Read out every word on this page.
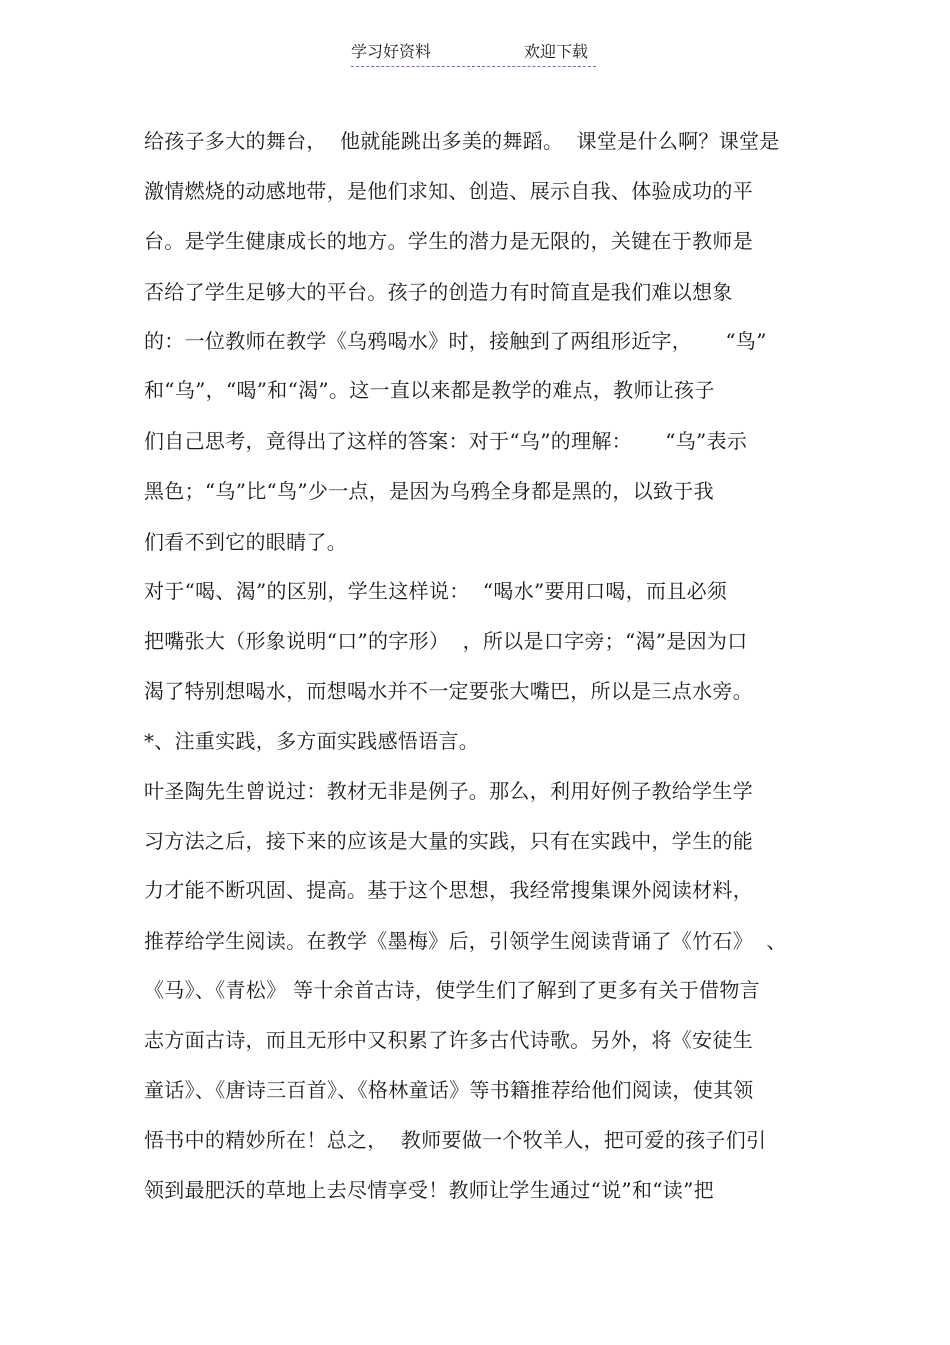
学习好资料	欢迎下载
给孩子多大的舞台，  他就能跳出多美的舞蹈。  课堂是什么啊？课堂是
激情燃烧的动感地带，是他们求知、创造、展示自我、体验成功的平
台。是学生健康成长的地方。学生的潜力是无限的，关键在于教师是
否给了学生足够大的平台。孩子的创造力有时简直是我们难以想象
的：一位教师在教学《乌鸦喝水》时，接触到了两组形近字，     “鸟”
和“乌”，“喝”和“渴”。这一直以来都是教学的难点，教师让孩子
们自己思考，竟得出了这样的答案：对于“乌”的理解：     “乌”表示
黑色；“乌”比“鸟”少一点，是因为乌鸦全身都是黑的，以致于我
们看不到它的眼睛了。
对于“喝、渴”的区别，学生这样说：  “喝水”要用口喝，而且必须
把嘴张大（形象说明“口”的字形）  ，所以是口字旁；“渴”是因为口
渴了特别想喝水，而想喝水并不一定要张大嘴巴，所以是三点水旁。
*、注重实践，多方面实践感悟语言。
叶圣陶先生曾说过：教材无非是例子。那么，利用好例子教给学生学
习方法之后，接下来的应该是大量的实践，只有在实践中，学生的能
力才能不断巩固、提高。基于这个思想，我经常搜集课外阅读材料，
推荐给学生阅读。在教学《墨梅》后，引领学生阅读背诵了《竹石》  、
《马》、《青松》 等十余首古诗，使学生们了解到了更多有关于借物言
志方面古诗，而且无形中又积累了许多古代诗歌。另外，将《安徒生
童话》、《唐诗三百首》、《格林童话》等书籍推荐给他们阅读，使其领
悟书中的精妙所在！总之，  教师要做一个牧羊人，把可爱的孩子们引
领到最肥沃的草地上去尽情享受！教师让学生通过“说”和“读”把
